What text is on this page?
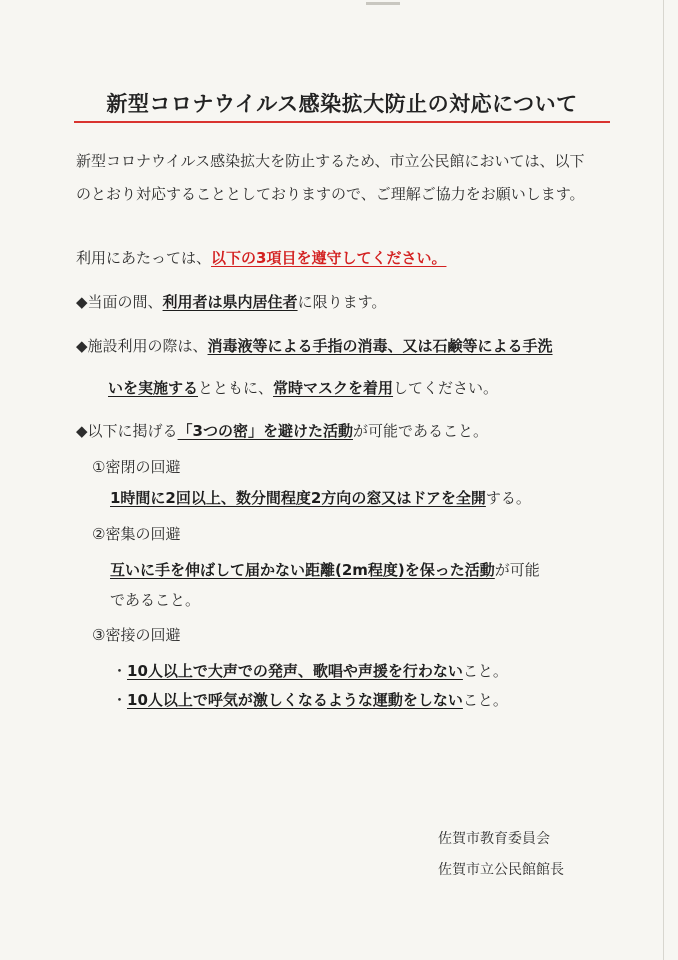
新型コロナウイルス感染拡大防止の対応について
新型コロナウイルス感染拡大を防止するため、市立公民館においては、以下
のとおり対応することとしておりますので、ご理解ご協力をお願いします。
利用にあたっては、以下の3項目を遵守してください。
◆当面の間、利用者は県内居住者に限ります。
◆施設利用の際は、消毒液等による手指の消毒、又は石鹸等による手洗
いを実施するとともに、常時マスクを着用してください。
◆以下に掲げる「3つの密」を避けた活動が可能であること。
①密閉の回避
1時間に2回以上、数分間程度2方向の窓又はドアを全開する。
②密集の回避
互いに手を伸ばして届かない距離(2m程度)を保った活動が可能
であること。
③密接の回避
・10人以上で大声での発声、歌唱や声援を行わないこと。
・10人以上で呼気が激しくなるような運動をしないこと。
佐賀市教育委員会
佐賀市立公民館館長
